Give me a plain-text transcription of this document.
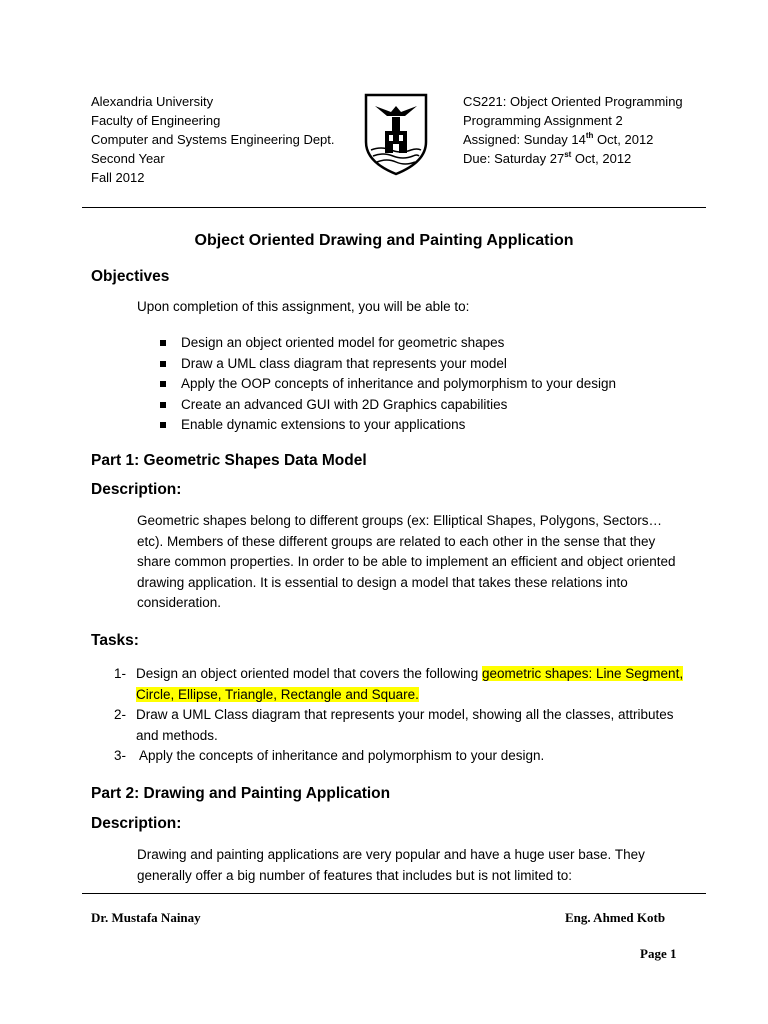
Alexandria University
Faculty of Engineering
Computer and Systems Engineering Dept.
Second Year
Fall 2012
CS221: Object Oriented Programming
Programming Assignment 2
Assigned: Sunday 14th Oct, 2012
Due: Saturday 27st Oct, 2012
Object Oriented Drawing and Painting Application
Objectives
Upon completion of this assignment, you will be able to:
Design an object oriented model for geometric shapes
Draw a UML class diagram that represents your model
Apply the OOP concepts of inheritance and polymorphism to your design
Create an advanced GUI with 2D Graphics capabilities
Enable dynamic extensions to your applications
Part 1: Geometric Shapes Data Model
Description:
Geometric shapes belong to different groups (ex: Elliptical Shapes, Polygons, Sectors…etc). Members of these different groups are related to each other in the sense that they share common properties. In order to be able to implement an efficient and object oriented drawing application. It is essential to design a model that takes these relations into consideration.
Tasks:
1- Design an object oriented model that covers the following geometric shapes: Line Segment, Circle, Ellipse, Triangle, Rectangle and Square.
2- Draw a UML Class diagram that represents your model, showing all the classes, attributes and methods.
3- Apply the concepts of inheritance and polymorphism to your design.
Part 2: Drawing and Painting Application
Description:
Drawing and painting applications are very popular and have a huge user base. They generally offer a big number of features that includes but is not limited to:
Dr. Mustafa Nainay	Eng. Ahmed Kotb
Page 1
